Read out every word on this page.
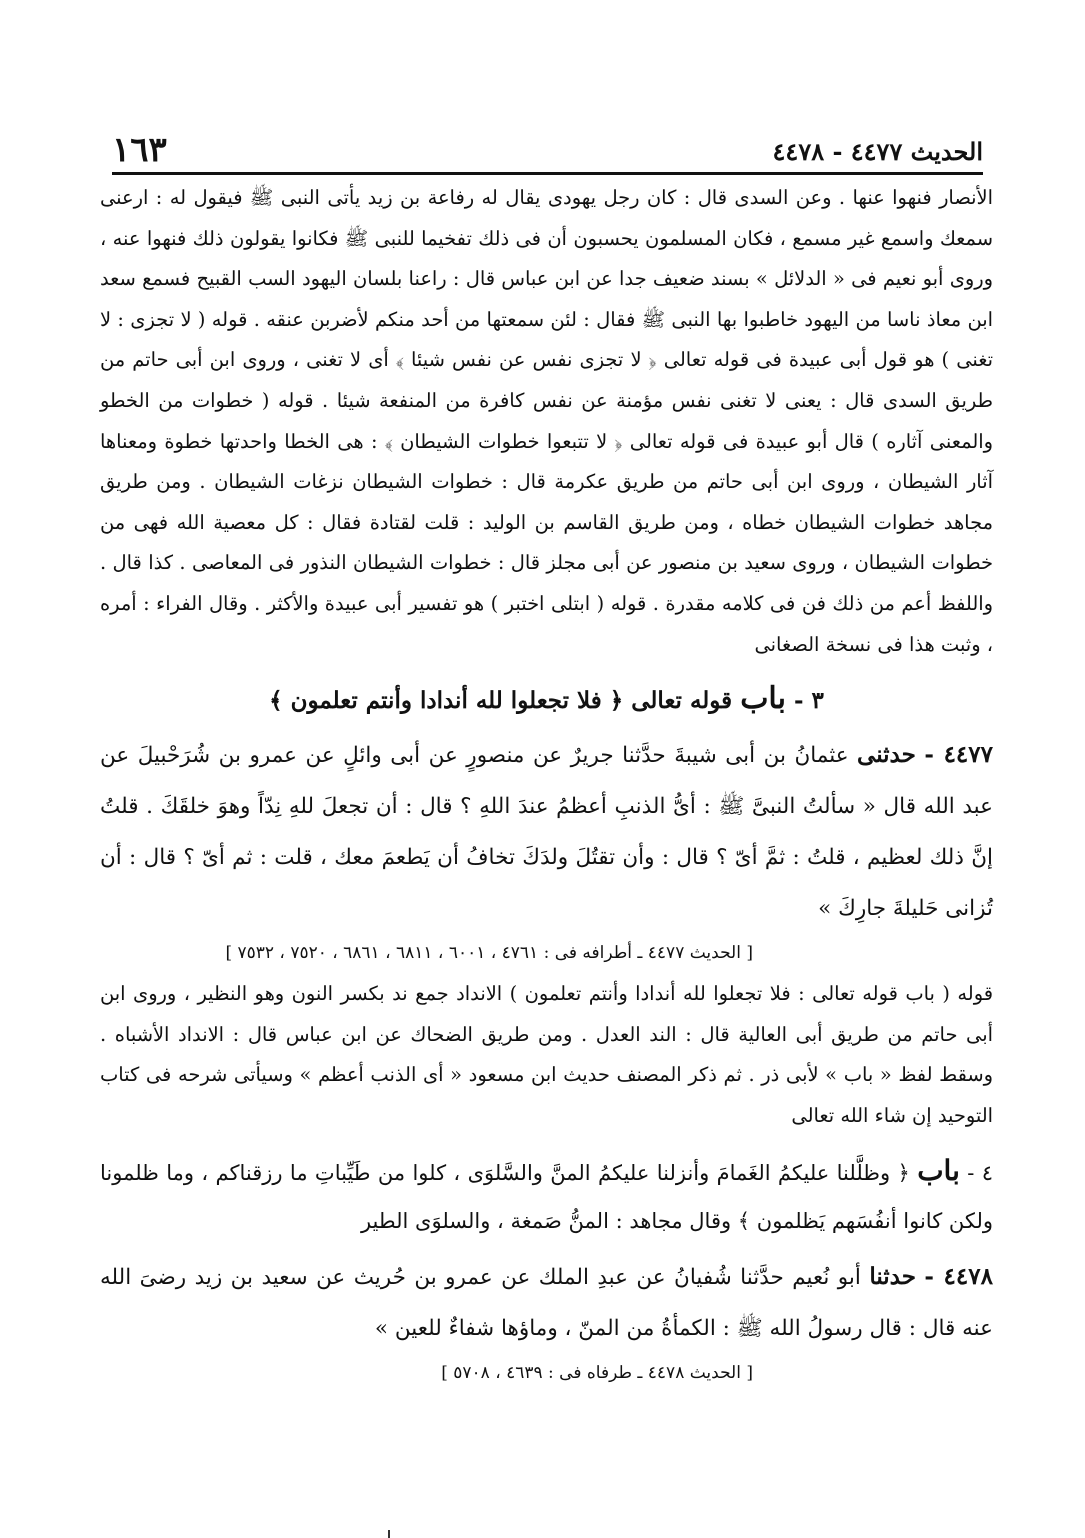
الحديث ٤٤٧٧ - ٤٤٧٨
١٦٣

الأنصار فنهوا عنها . وعن السدى قال : كان رجل يهودى يقال له رفاعة بن زيد يأتى النبى ﷺ فيقول له : ارعنى سمعك واسمع غير مسمع ، فكان المسلمون يحسبون أن فى ذلك تفخيما للنبى ﷺ فكانوا يقولون ذلك فنهوا عنه ، وروى أبو نعيم فى « الدلائل » بسند ضعيف جدا عن ابن عباس قال : راعنا بلسان اليهود السب القبيح فسمع سعد ابن معاذ ناسا من اليهود خاطبوا بها النبى ﷺ فقال : لئن سمعتها من أحد منكم لأضربن عنقه . قوله ( لا تجزى : لا تغنى ) هو قول أبى عبيدة فى قوله تعالى ﴿ لا تجزى نفس عن نفس شيئا ﴾ أى لا تغنى ، وروى ابن أبى حاتم من طريق السدى قال : يعنى لا تغنى نفس مؤمنة عن نفس كافرة من المنفعة شيئا . قوله ( خطوات من الخطو والمعنى آثاره ) قال أبو عبيدة فى قوله تعالى ﴿ لا تتبعوا خطوات الشيطان ﴾ : هى الخطا واحدتها خطوة ومعناها آثار الشيطان ، وروى ابن أبى حاتم من طريق عكرمة قال : خطوات الشيطان نزغات الشيطان . ومن طريق مجاهد خطوات الشيطان خطاه ، ومن طريق القاسم بن الوليد : قلت لقتادة فقال : كل معصية الله فهى من خطوات الشيطان ، وروى سعيد بن منصور عن أبى مجلز قال : خطوات الشيطان النذور فى المعاصى . كذا قال . واللفظ أعم من ذلك فن فى كلامه مقدرة . قوله ( ابتلى اختبر ) هو تفسير أبى عبيدة والأكثر . وقال الفراء : أمره ، وثبت هذا فى نسخة الصغانى

٣ - باب قوله تعالى ﴿ فلا تجعلوا لله أندادا وأنتم تعلمون ﴾

٤٤٧٧ - حدثنى عثمانُ بن أبى شيبةَ حدَّثنا جريرٌ عن منصورٍ عن أبى وائلٍ عن عمرو بن شُرَحْبيلَ عن عبد الله قال « سألتُ النبىَّ ﷺ : أىُّ الذنبِ أعظمُ عندَ اللهِ ؟ قال : أن تجعلَ للهِ نِدّاً وهوَ خلقَكَ . قلتُ إنَّ ذلك لعظيم ، قلتُ : ثمَّ أىّ ؟ قال : وأن تقتُلَ ولدَكَ تخافُ أن يَطعمَ معك ، قلت : ثم أىّ ؟ قال : أن تُزانى حَليلةَ جارِكَ »

[ الحديث ٤٤٧٧ ـ أطرافه فى : ٤٧٦١ ، ٦٠٠١ ، ٦٨١١ ، ٦٨٦١ ، ٧٥٢٠ ، ٧٥٣٢ ]

قوله ( باب قوله تعالى : فلا تجعلوا لله أندادا وأنتم تعلمون ) الانداد جمع ند بكسر النون وهو النظير ، وروى ابن أبى حاتم من طريق أبى العالية قال : الند العدل . ومن طريق الضحاك عن ابن عباس قال : الانداد الأشباه . وسقط لفظ « باب » لأبى ذر . ثم ذكر المصنف حديث ابن مسعود « أى الذنب أعظم » وسيأتى شرحه فى كتاب التوحيد إن شاء الله تعالى

٤ - باب ﴿ وظلَّلنا عليكمُ الغَمامَ وأنزلنا عليكمُ المنَّ والسَّلوَى ، كلوا من طَيِّباتِ ما رزقناكم ، وما ظلمونا ولكن كانوا أنفُسَهم يَظلمون ﴾ وقال مجاهد : المنُّ صَمغة ، والسلوَى الطير

٤٤٧٨ - حدثنا أبو نُعيم حدَّثنا شُفيانُ عن عبدِ الملك عن عمرو بن حُريث عن سعيد بن زيد رضىَ الله عنه قال : قال رسولُ الله ﷺ : الكمأةُ من المنّ ، وماؤها شفاءٌ للعين »

[ الحديث ٤٤٧٨ ـ طرفاه فى : ٤٦٣٩ ، ٥٧٠٨ ]
